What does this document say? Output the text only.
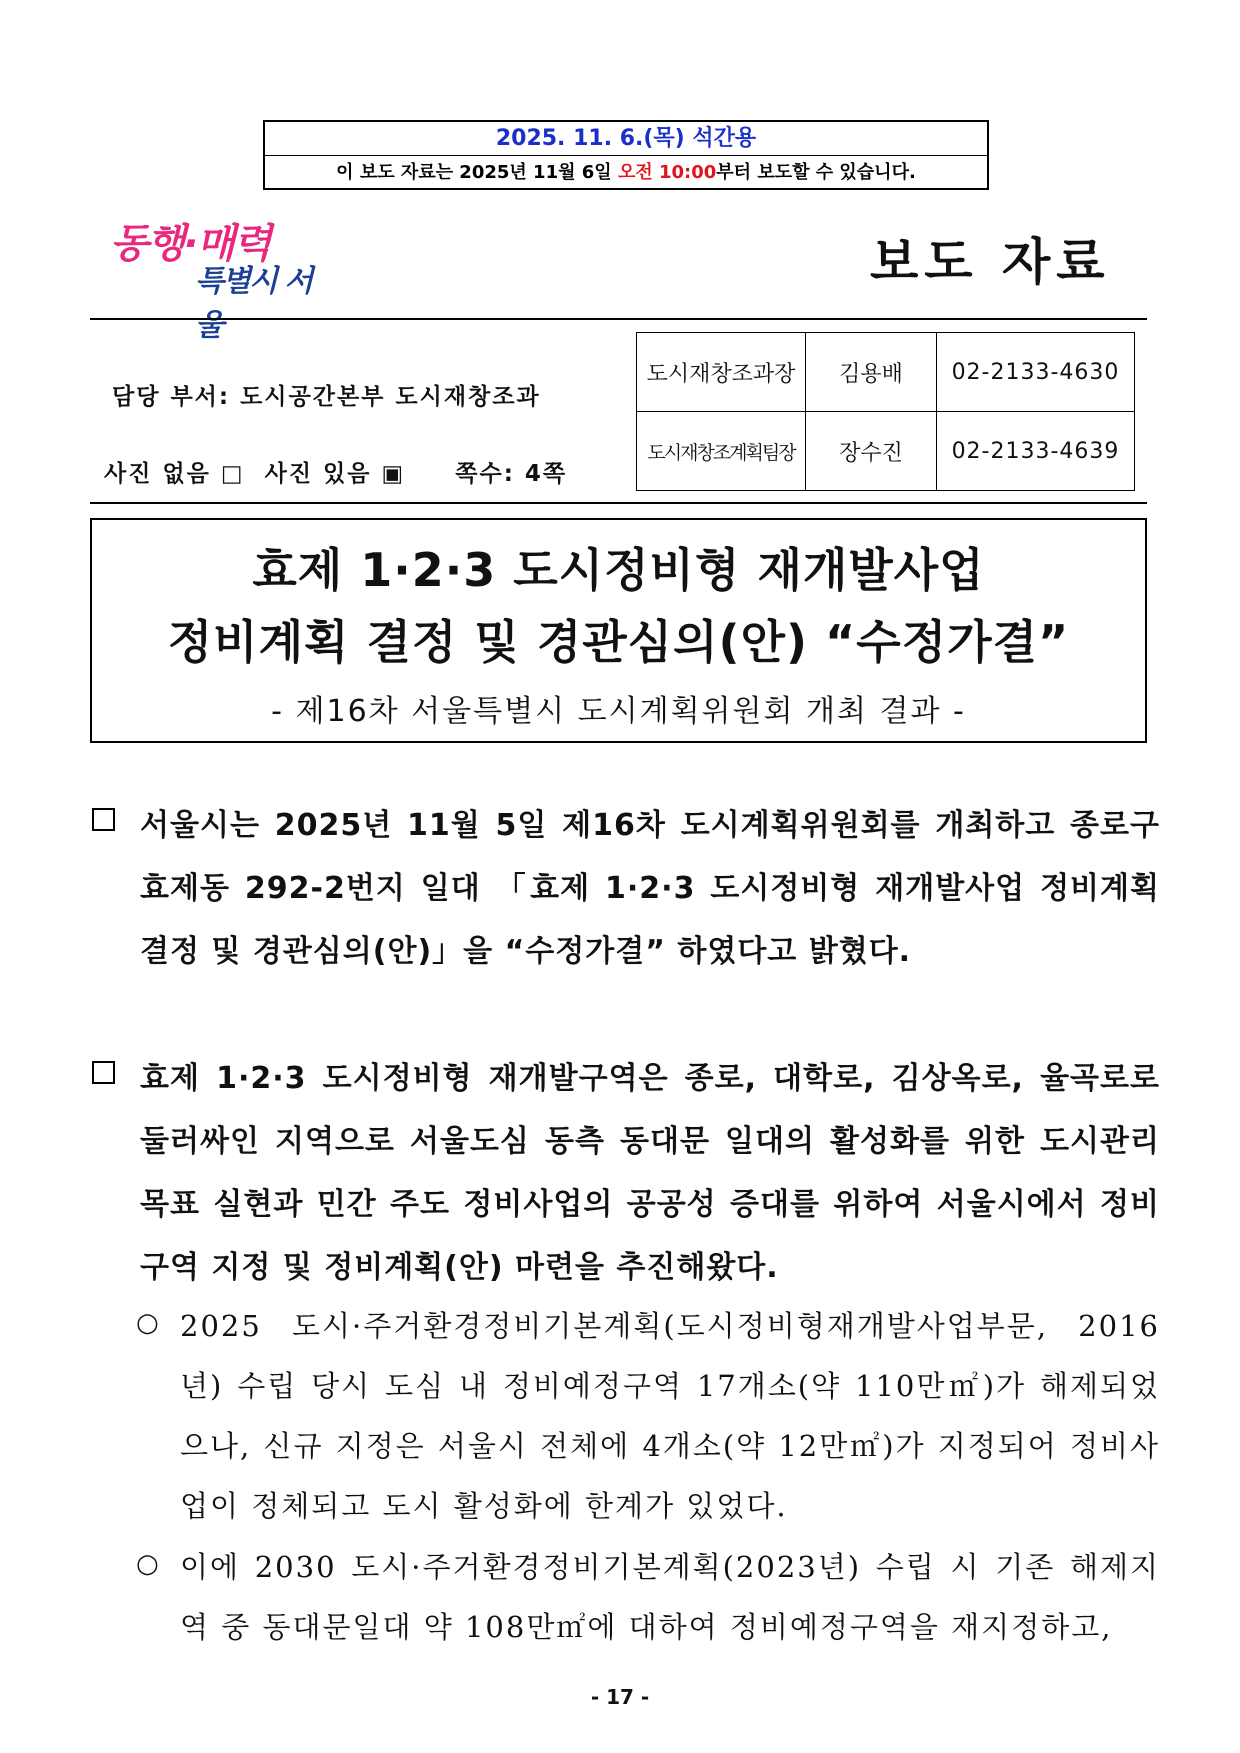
2025. 11. 6.(목) 석간용
이 보도 자료는 2025년 11월 6일 오전 10:00부터 보도할 수 있습니다.
동행·매력
특별시 서울
보도 자료
담당 부서: 도시공간본부 도시재창조과
사진 없음 □  사진 있음 ▣     쪽수: 4쪽
도시재창조과장	김용배	02-2133-4630
도시재창조계획팀장	장수진	02-2133-4639
효제 1·2·3 도시정비형 재개발사업
정비계획 결정 및 경관심의(안) “수정가결”
- 제16차 서울특별시 도시계획위원회 개최 결과 -
서울시는 2025년 11월 5일 제16차 도시계획위원회를 개최하고 종로구 효제동 292-2번지 일대 「효제 1·2·3 도시정비형 재개발사업 정비계획 결정 및 경관심의(안)」을 “수정가결” 하였다고 밝혔다.
효제 1·2·3 도시정비형 재개발구역은 종로, 대학로, 김상옥로, 율곡로로 둘러싸인 지역으로 서울도심 동측 동대문 일대의 활성화를 위한 도시관리 목표 실현과 민간 주도 정비사업의 공공성 증대를 위하여 서울시에서 정비구역 지정 및 정비계획(안) 마련을 추진해왔다.
○ 2025 도시·주거환경정비기본계획(도시정비형재개발사업부문, 2016년) 수립 당시 도심 내 정비예정구역 17개소(약 110만㎡)가 해제되었으나, 신규 지정은 서울시 전체에 4개소(약 12만㎡)가 지정되어 정비사업이 정체되고 도시 활성화에 한계가 있었다.
○ 이에 2030 도시·주거환경정비기본계획(2023년) 수립 시 기존 해제지역 중 동대문일대 약 108만㎡에 대하여 정비예정구역을 재지정하고,
- 17 -
